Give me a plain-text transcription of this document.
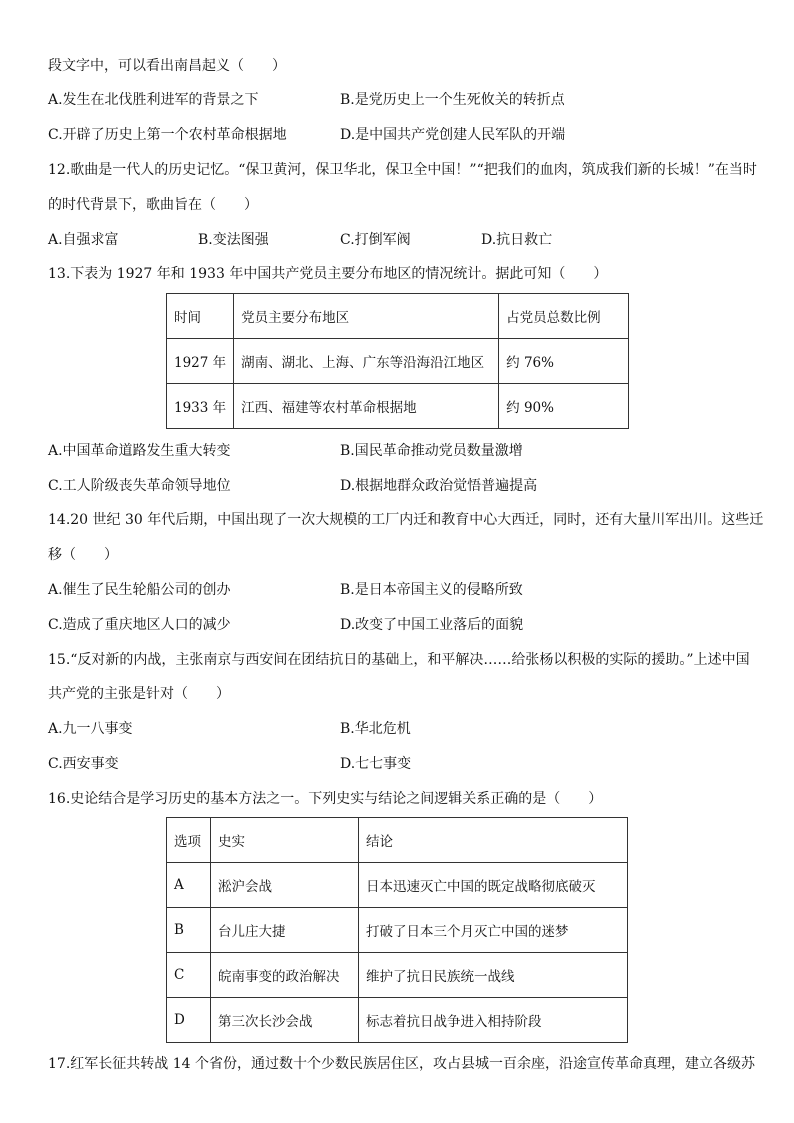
段文字中，可以看出南昌起义（　　）
A.发生在北伐胜利进军的背景之下	B.是党历史上一个生死攸关的转折点
C.开辟了历史上第一个农村革命根据地	D.是中国共产党创建人民军队的开端
12.歌曲是一代人的历史记忆。“保卫黄河，保卫华北，保卫全中国！”“把我们的血肉，筑成我们新的长城！”在当时
的时代背景下，歌曲旨在（　　）
A.自强求富	B.变法图强	C.打倒军阀	D.抗日救亡
13.下表为 1927 年和 1933 年中国共产党员主要分布地区的情况统计。据此可知（　　）
时间	党员主要分布地区	占党员总数比例
1927 年	湖南、湖北、上海、广东等沿海沿江地区	约 76%
1933 年	江西、福建等农村革命根据地	约 90%
A.中国革命道路发生重大转变	B.国民革命推动党员数量激增
C.工人阶级丧失革命领导地位	D.根据地群众政治觉悟普遍提高
14.20 世纪 30 年代后期，中国出现了一次大规模的工厂内迁和教育中心大西迁，同时，还有大量川军出川。这些迁
移（　　）
A.催生了民生轮船公司的创办	B.是日本帝国主义的侵略所致
C.造成了重庆地区人口的减少	D.改变了中国工业落后的面貌
15.“反对新的内战，主张南京与西安间在团结抗日的基础上，和平解决……给张杨以积极的实际的援助。”上述中国
共产党的主张是针对（　　）
A.九一八事变	B.华北危机
C.西安事变	D.七七事变
16.史论结合是学习历史的基本方法之一。下列史实与结论之间逻辑关系正确的是（　　）
选项	史实	结论
A	淞沪会战	日本迅速灭亡中国的既定战略彻底破灭
B	台儿庄大捷	打破了日本三个月灭亡中国的迷梦
C	皖南事变的政治解决	维护了抗日民族统一战线
D	第三次长沙会战	标志着抗日战争进入相持阶段
17.红军长征共转战 14 个省份，通过数十个少数民族居住区，攻占县城一百余座，沿途宣传革命真理，建立各级苏
